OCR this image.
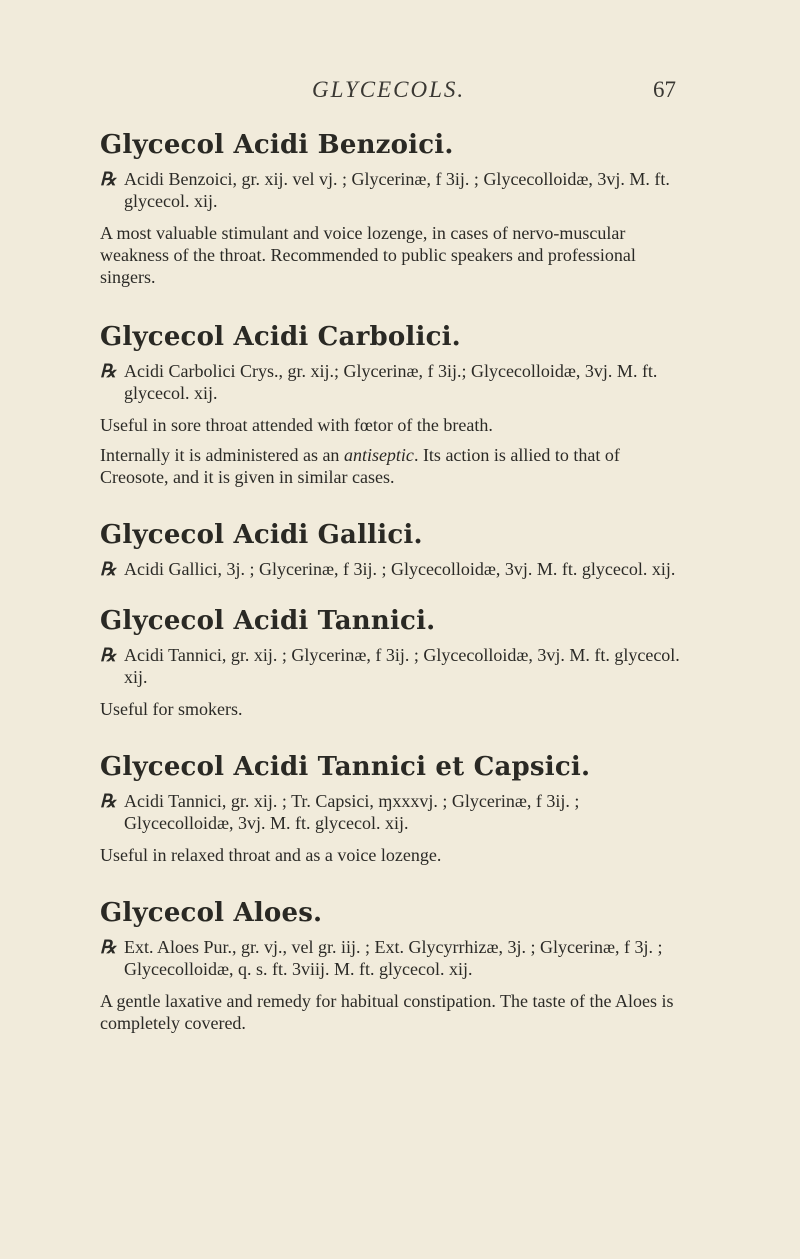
GLYCECOLS.	67
Glycecol Acidi Benzoici.

℞ Acidi Benzoici, gr. xij. vel vj. ; Glycerinæ, f 3ij. ; Glycecolloidæ, 3vj. M. ft. glycecol. xij.

A most valuable stimulant and voice lozenge, in cases of nervo-muscular weakness of the throat. Recommended to public speakers and professional singers.

Glycecol Acidi Carbolici.

℞ Acidi Carbolici Crys., gr. xij.; Glycerinæ, f 3ij.; Glycecolloidæ, 3vj. M. ft. glycecol. xij.

Useful in sore throat attended with fœtor of the breath.

Internally it is administered as an antiseptic. Its action is allied to that of Creosote, and it is given in similar cases.

Glycecol Acidi Gallici.

℞ Acidi Gallici, 3j. ; Glycerinæ, f 3ij. ; Glycecolloidæ, 3vj. M. ft. glycecol. xij.

Glycecol Acidi Tannici.

℞ Acidi Tannici, gr. xij. ; Glycerinæ, f 3ij. ; Glycecolloidæ, 3vj. M. ft. glycecol. xij.

Useful for smokers.

Glycecol Acidi Tannici et Capsici.

℞ Acidi Tannici, gr. xij. ; Tr. Capsici, ɱxxxvj. ; Glycerinæ, f 3ij. ; Glycecolloidæ, 3vj. M. ft. glycecol. xij.

Useful in relaxed throat and as a voice lozenge.

Glycecol Aloes.

℞ Ext. Aloes Pur., gr. vj., vel gr. iij. ; Ext. Glycyrrhizæ, 3j. ; Glycerinæ, f 3j. ; Glycecolloidæ, q. s. ft. 3viij. M. ft. glycecol. xij.

A gentle laxative and remedy for habitual constipation. The taste of the Aloes is completely covered.
